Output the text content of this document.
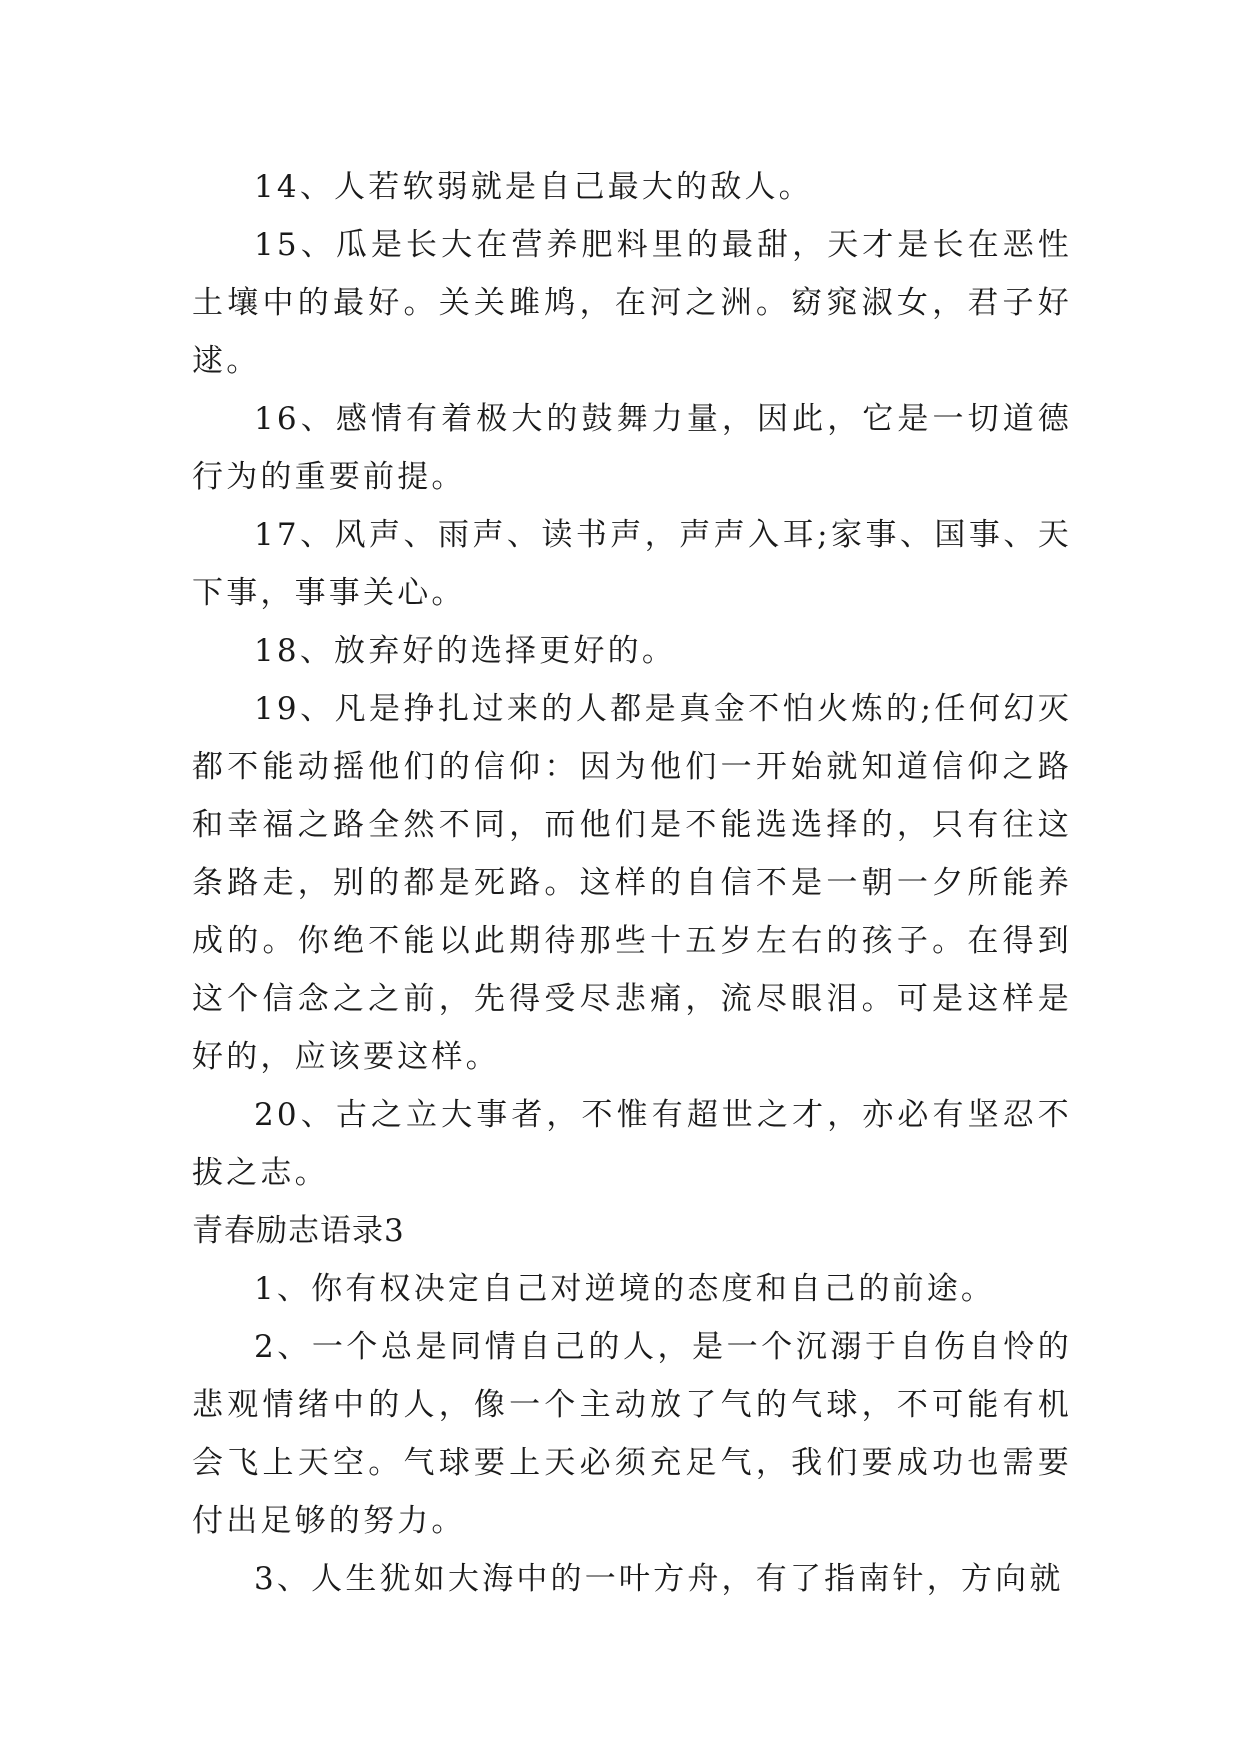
14、人若软弱就是自己最大的敌人。

15、瓜是长大在营养肥料里的最甜，天才是长在恶性土壤中的最好。关关雎鸠，在河之洲。窈窕淑女，君子好逑。

16、感情有着极大的鼓舞力量，因此，它是一切道德行为的重要前提。

17、风声、雨声、读书声，声声入耳;家事、国事、天下事，事事关心。

18、放弃好的选择更好的。

19、凡是挣扎过来的人都是真金不怕火炼的;任何幻灭都不能动摇他们的信仰：因为他们一开始就知道信仰之路和幸福之路全然不同，而他们是不能选选择的，只有往这条路走，别的都是死路。这样的自信不是一朝一夕所能养成的。你绝不能以此期待那些十五岁左右的孩子。在得到这个信念之之前，先得受尽悲痛，流尽眼泪。可是这样是好的，应该要这样。

20、古之立大事者，不惟有超世之才，亦必有坚忍不拔之志。

青春励志语录3

1、你有权决定自己对逆境的态度和自己的前途。

2、一个总是同情自己的人，是一个沉溺于自伤自怜的悲观情绪中的人，像一个主动放了气的气球，不可能有机会飞上天空。气球要上天必须充足气，我们要成功也需要付出足够的努力。

3、人生犹如大海中的一叶方舟，有了指南针，方向就
